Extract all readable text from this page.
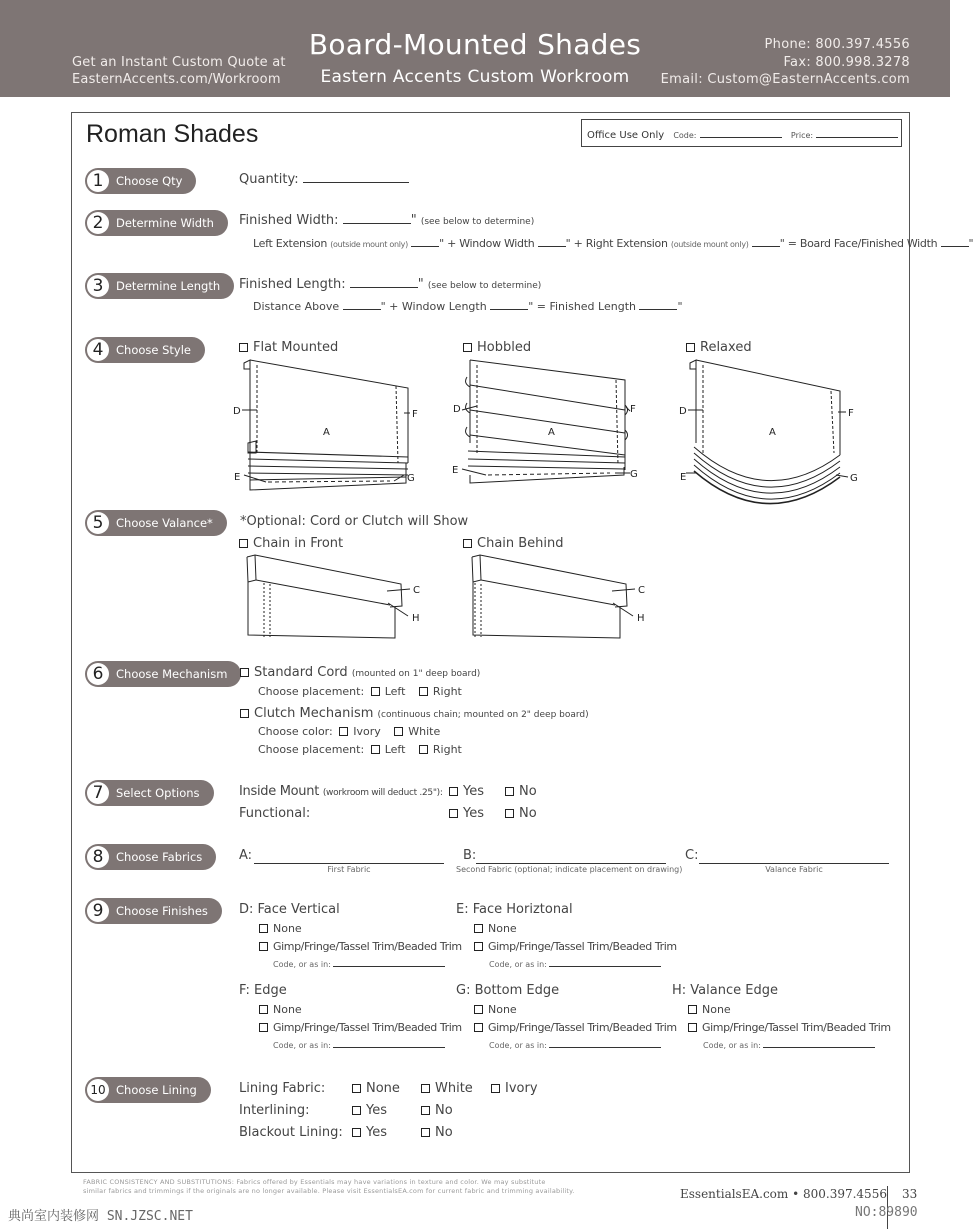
Get an Instant Custom Quote at
EasternAccents.com/Workroom
Board-Mounted Shades
Eastern Accents Custom Workroom
Phone: 800.397.4556
Fax: 800.998.3278
Email: Custom@EasternAccents.com
Roman Shades	Office Use Only Code:	Price:
1	Choose Qty	Quantity:
2	Determine Width Finished Width:	" (see below to determine)
Left Extension (outside mount only)	" + Window Width	" + Right Extension (outside mount only)	" = Board Face/Finished Width	"
3	Determine Length Finished Length:	" (see below to determine)
Distance Above	" + Window Length	" = Finished Length	"
4	Choose Style	Flat Mounted	Hobbled	Relaxed
D	F
A
E	G
D	F
A
E	G
D	F
A
E	G
5	Choose Valance* *Optional: Cord or Clutch will Show
Chain in Front	Chain Behind
C
H
C
H
6	Choose Mechanism	Standard Cord (mounted on 1" deep board)
Choose placement: Left	Right
Clutch Mechanism (continuous chain; mounted on 2" deep board)
Choose color: Ivory	White
Choose placement: Left	Right
7	Select Options	Inside Mount (workroom will deduct .25"):	Yes	No
Functional:	Yes	No
8	Choose Fabrics	A:
First Fabric
B:
Second Fabric (optional; indicate placement on drawing)
C:
Valance Fabric
9	Choose Finishes D: Face Vertical
None
Gimp/Fringe/Tassel Trim/Beaded Trim
Code, or as in:
E: Face Horiztonal
None
Gimp/Fringe/Tassel Trim/Beaded Trim
Code, or as in:
F: Edge
None
Gimp/Fringe/Tassel Trim/Beaded Trim
Code, or as in:
G: Bottom Edge
None
Gimp/Fringe/Tassel Trim/Beaded Trim
Code, or as in:
H: Valance Edge
None
Gimp/Fringe/Tassel Trim/Beaded Trim
Code, or as in:
10 Choose Lining	Lining Fabric:	None	White	Ivory
Interlining:	Yes	No
Blackout Lining:	Yes	No
FABRIC CONSISTENCY AND SUBSTITUTIONS: Fabrics offered by Essentials may have variations in texture and color. We may substitute
similar fabrics and trimmings if the originals are no longer available. Please visit EssentialsEA.com for current fabric and trimming availability.	EssentialsEA.com • 800.397.4556 33
典尚室内装修网 SN.JZSC.NET	NO:89890
